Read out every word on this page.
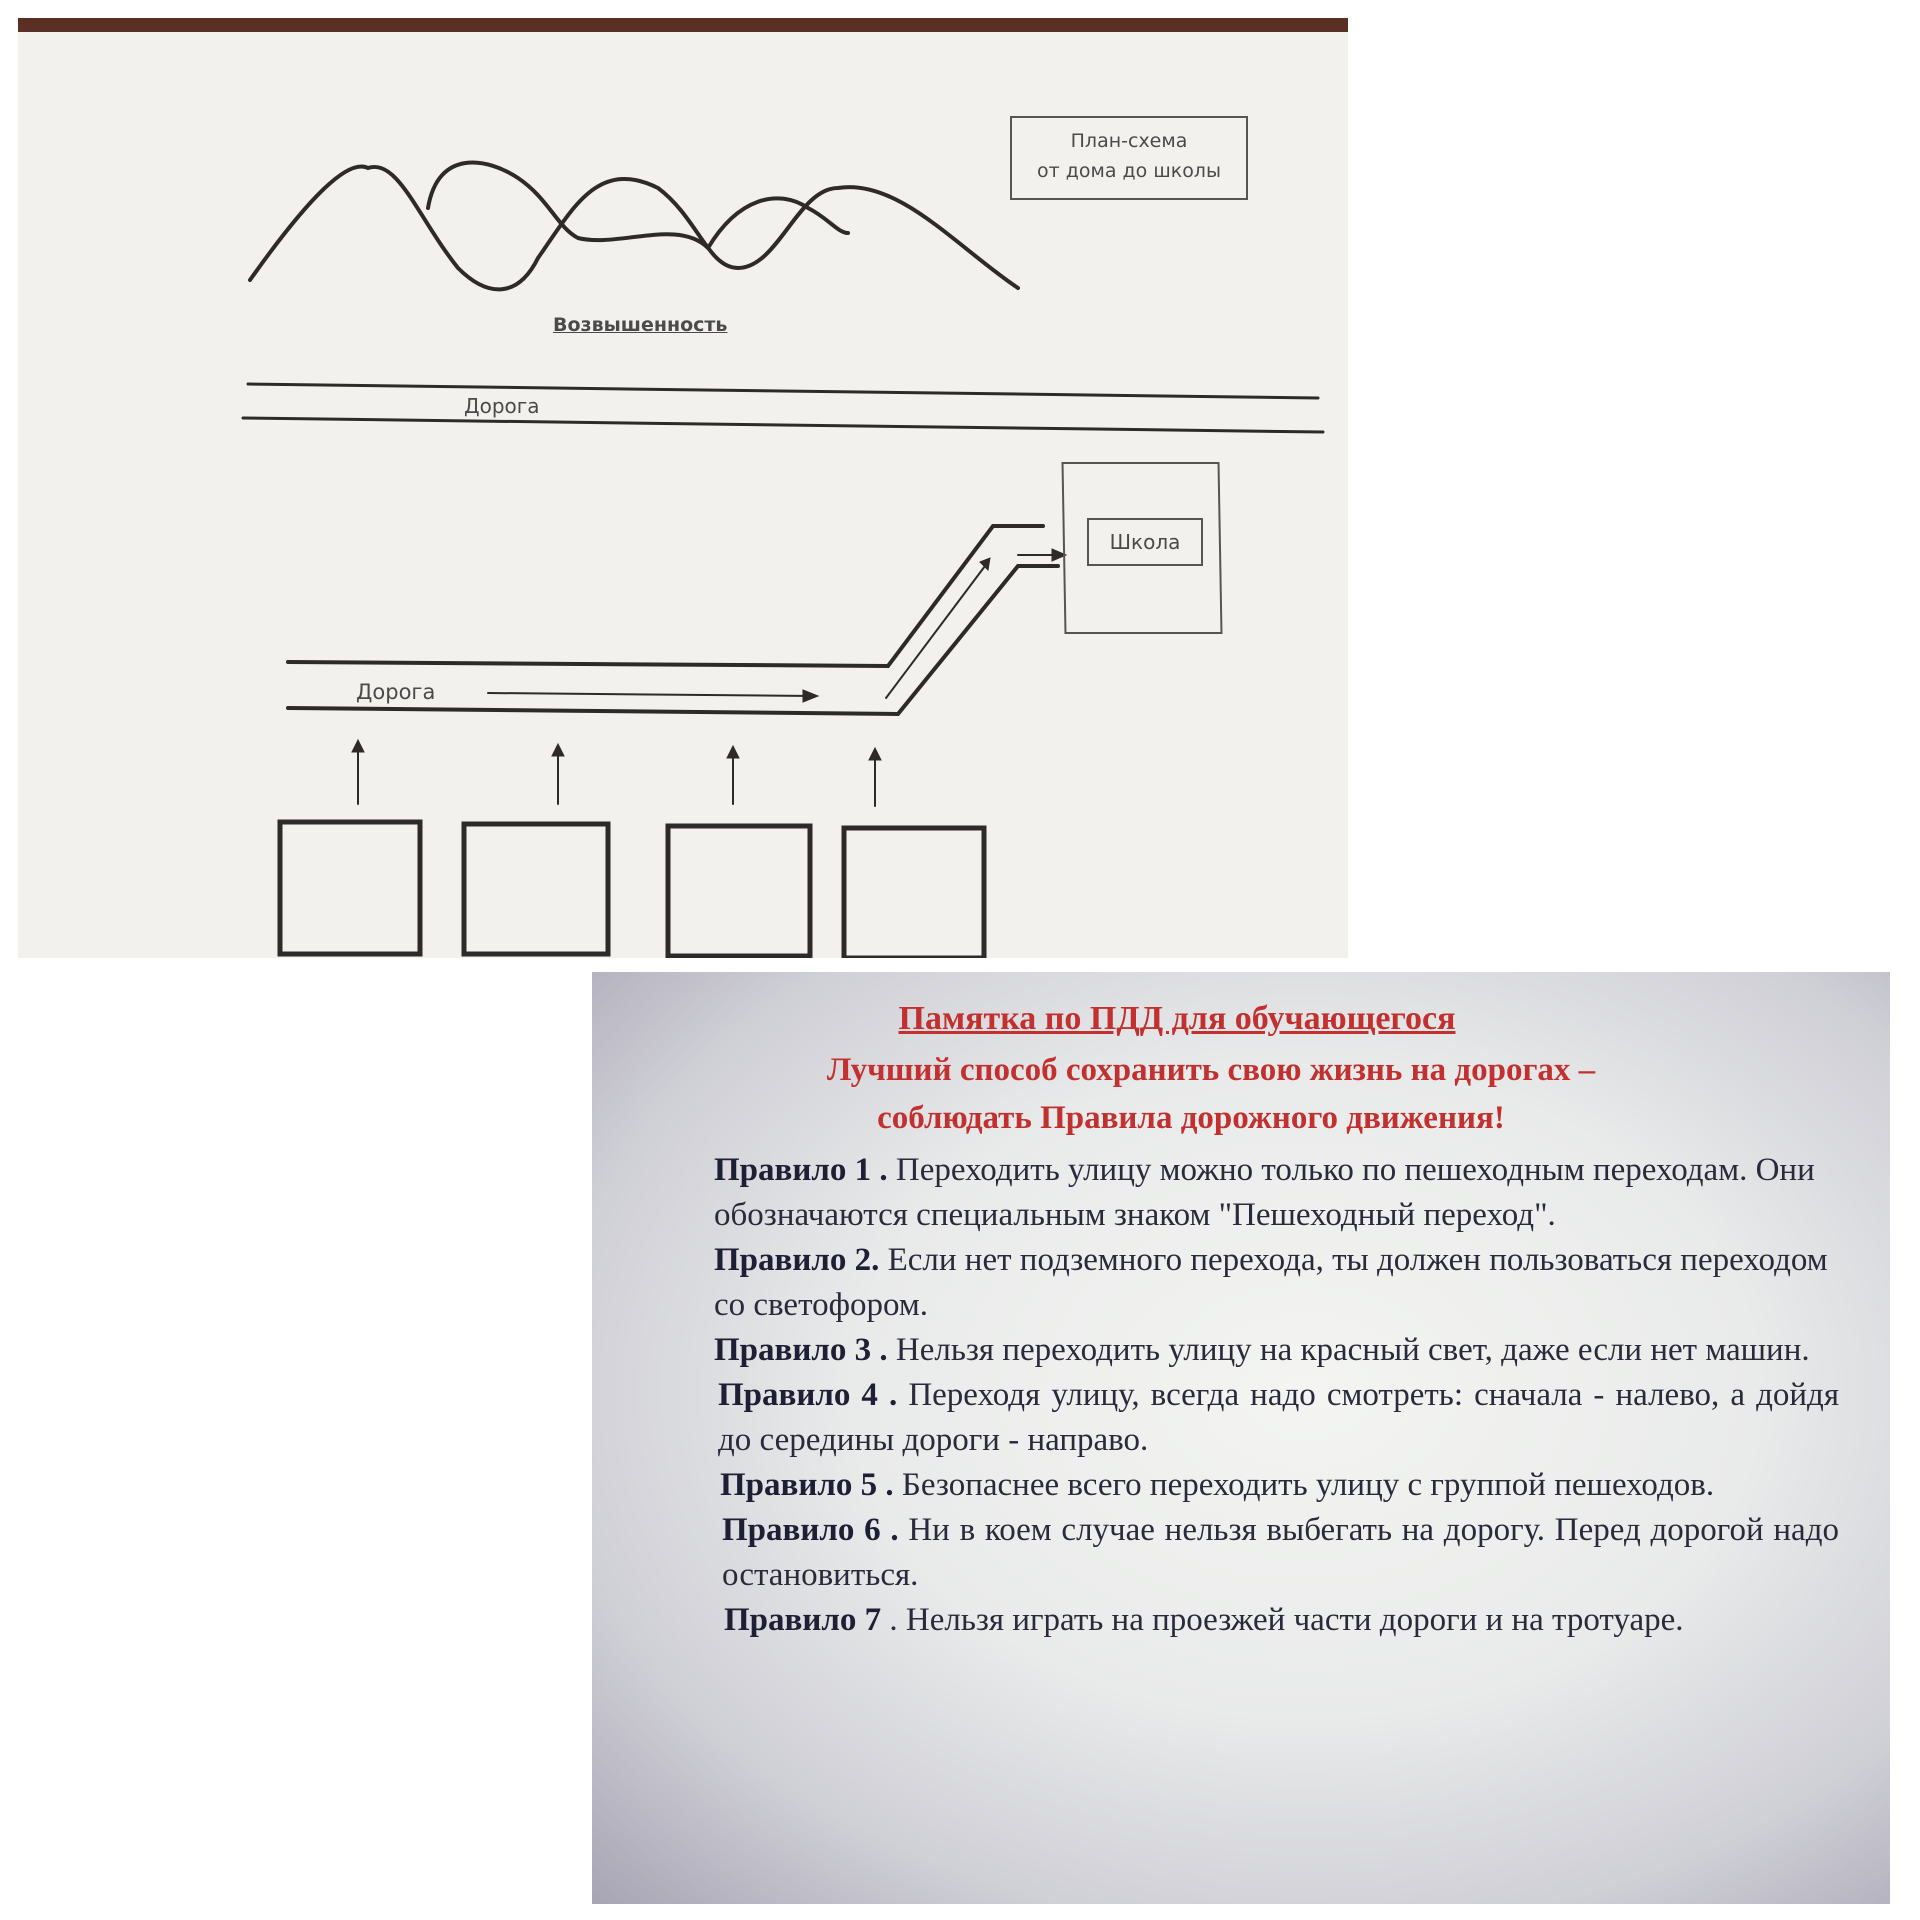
План-схема
от дома до школы
Возвышенность
Дорога
Дорога
Школа
Памятка по ПДД для обучающегося
Лучший способ сохранить свою жизнь на дорогах –
соблюдать Правила дорожного движения!

Правило 1 . Переходить улицу можно только по пешеходным переходам. Они обозначаются специальным знаком "Пешеходный переход".

Правило 2. Если нет подземного перехода, ты должен пользоваться переходом со светофором.

Правило 3 . Нельзя переходить улицу на красный свет, даже если нет машин.

Правило 4 . Переходя улицу, всегда надо смотреть: сначала - налево, а дойдя до середины дороги - направо.

Правило 5 . Безопаснее всего переходить улицу с группой пешеходов.

Правило 6 . Ни в коем случае нельзя выбегать на дорогу. Перед дорогой надо остановиться.

Правило 7 . Нельзя играть на проезжей части дороги и на тротуаре.
